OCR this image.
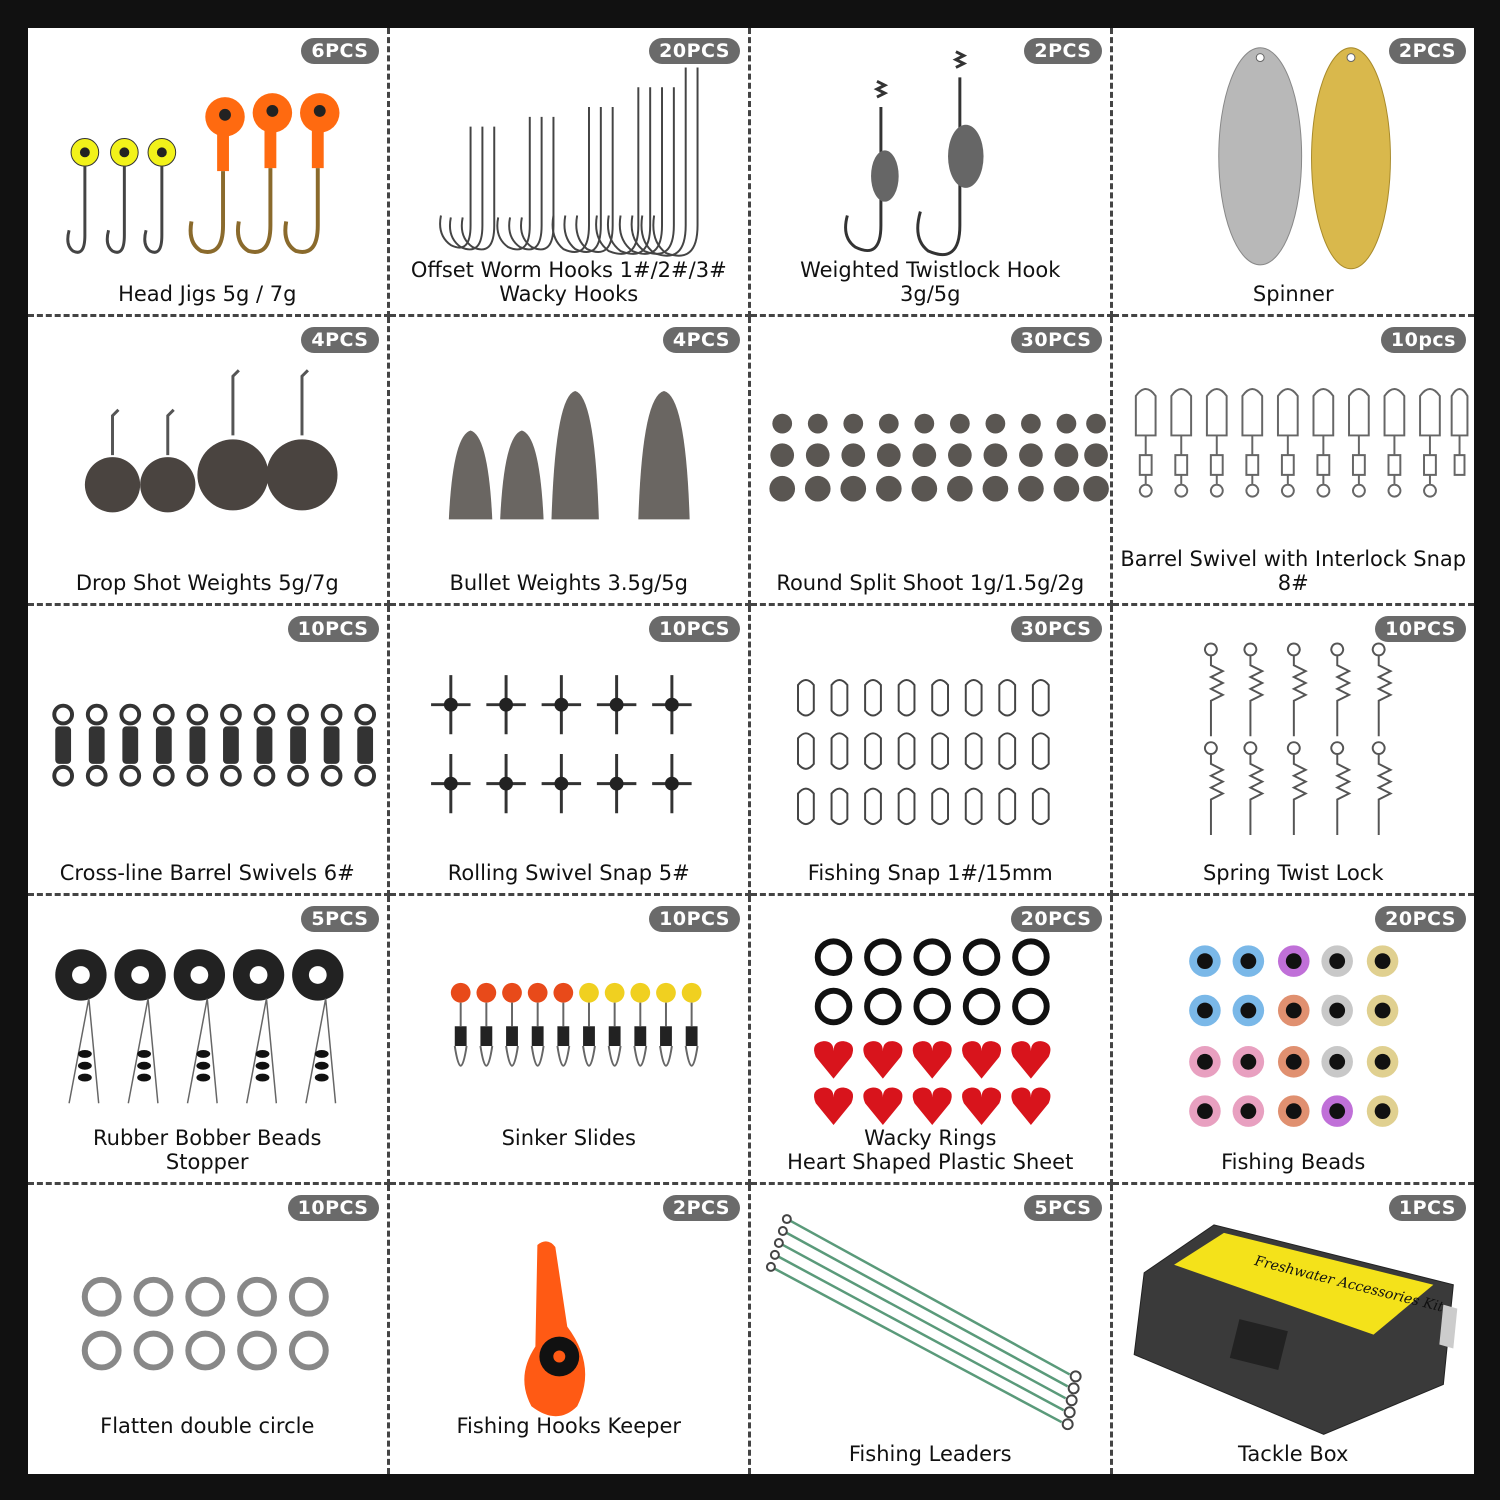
6PCS
Head Jigs 5g / 7g
20PCS
Offset Worm Hooks 1#/2#/3#
Wacky Hooks
2PCS
Weighted Twistlock Hook
3g/5g
2PCS
Spinner
4PCS
Drop Shot Weights 5g/7g
4PCS
Bullet Weights 3.5g/5g
30PCS
Round Split Shoot 1g/1.5g/2g
10pcs
Barrel Swivel with Interlock Snap
8#
10PCS
Cross-line Barrel Swivels 6#
10PCS
Rolling Swivel Snap 5#
30PCS
Fishing Snap 1#/15mm
10PCS
Spring Twist Lock
5PCS
Rubber Bobber Beads
Stopper
10PCS
Sinker Slides
20PCS
Wacky Rings
Heart Shaped Plastic Sheet
20PCS
Fishing Beads
10PCS
Flatten double circle
2PCS
Fishing Hooks Keeper
5PCS
Fishing Leaders
Freshwater Accessories Kit
1PCS
Tackle Box
